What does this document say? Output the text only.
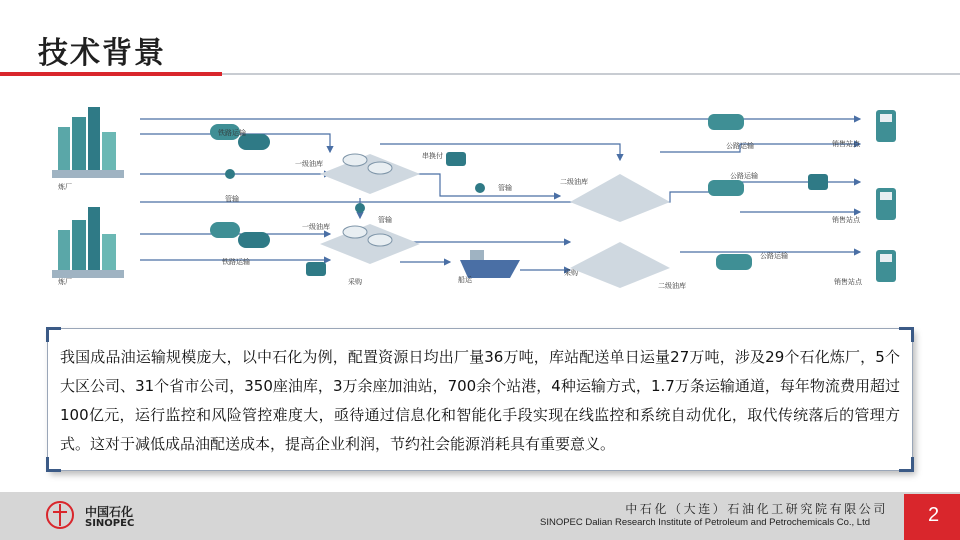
技术背景
炼厂
炼厂
铁路运输
铁路运输
管输
管输
管输
一级油库
一级油库
串换付
采购
采购
船运
二级油库
二级油库
公路运输
公路运输
公路运输
销售站点
销售站点
销售站点
我国成品油运输规模庞大，以中石化为例，配置资源日均出厂量36万吨，库站配送单日运量27万吨，涉及29个石化炼厂，5个大区公司、31个省市公司，350座油库，3万余座加油站，700余个站港，4种运输方式，1.7万条运输通道，每年物流费用超过100亿元，运行监控和风险管控难度大，亟待通过信息化和智能化手段实现在线监控和系统自动优化，取代传统落后的管理方式。这对于减低成品油配送成本，提高企业利润，节约社会能源消耗具有重要意义。
中国石化
SINOPEC
中石化（大连）石油化工研究院有限公司
SINOPEC Dalian Research Institute of Petroleum and Petrochemicals Co., Ltd	2
